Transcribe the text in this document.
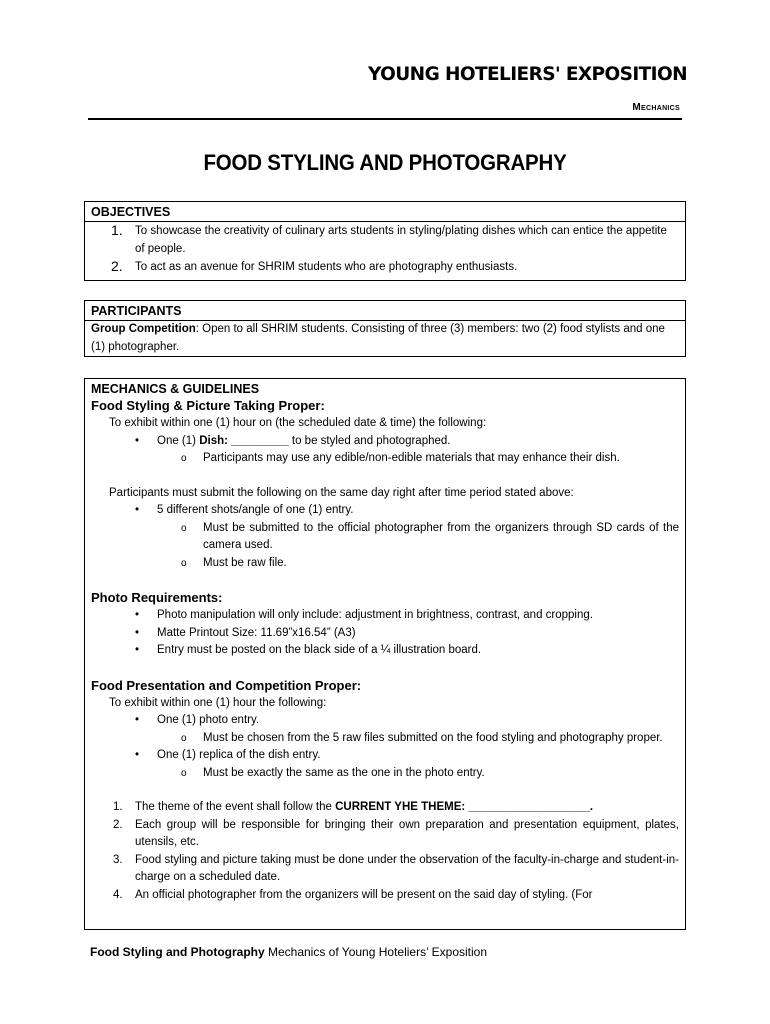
YOUNG HOTELIERS' EXPOSITION
Mechanics
FOOD STYLING AND PHOTOGRAPHY
OBJECTIVES
1.	To showcase the creativity of culinary arts students in styling/plating dishes which can entice the appetite of people.
2.	To act as an avenue for SHRIM students who are photography enthusiasts.
PARTICIPANTS
Group Competition: Open to all SHRIM students. Consisting of three (3) members: two (2) food stylists and one (1) photographer.
MECHANICS & GUIDELINES
Food Styling & Picture Taking Proper:
To exhibit within one (1) hour on (the scheduled date & time) the following:
•	One (1) Dish: _________ to be styled and photographed.
o	Participants may use any edible/non-edible materials that may enhance their dish.
Participants must submit the following on the same day right after time period stated above:
•	5 different shots/angle of one (1) entry.
o	Must be submitted to the official photographer from the organizers through SD cards of the camera used.
o	Must be raw file.
Photo Requirements:
•	Photo manipulation will only include: adjustment in brightness, contrast, and cropping.
•	Matte Printout Size: 11.69”x16.54” (A3)
•	Entry must be posted on the black side of a ¼ illustration board.
Food Presentation and Competition Proper:
To exhibit within one (1) hour the following:
•	One (1) photo entry.
o	Must be chosen from the 5 raw files submitted on the food styling and photography proper.
•	One (1) replica of the dish entry.
o	Must be exactly the same as the one in the photo entry.
1.	The theme of the event shall follow the CURRENT YHE THEME: ___________________.
2.	Each group will be responsible for bringing their own preparation and presentation equipment, plates, utensils, etc.
3.	Food styling and picture taking must be done under the observation of the faculty-in-charge and student-in-charge on a scheduled date.
4.	An official photographer from the organizers will be present on the said day of styling. (For
Food Styling and Photography Mechanics of Young Hoteliers’ Exposition
